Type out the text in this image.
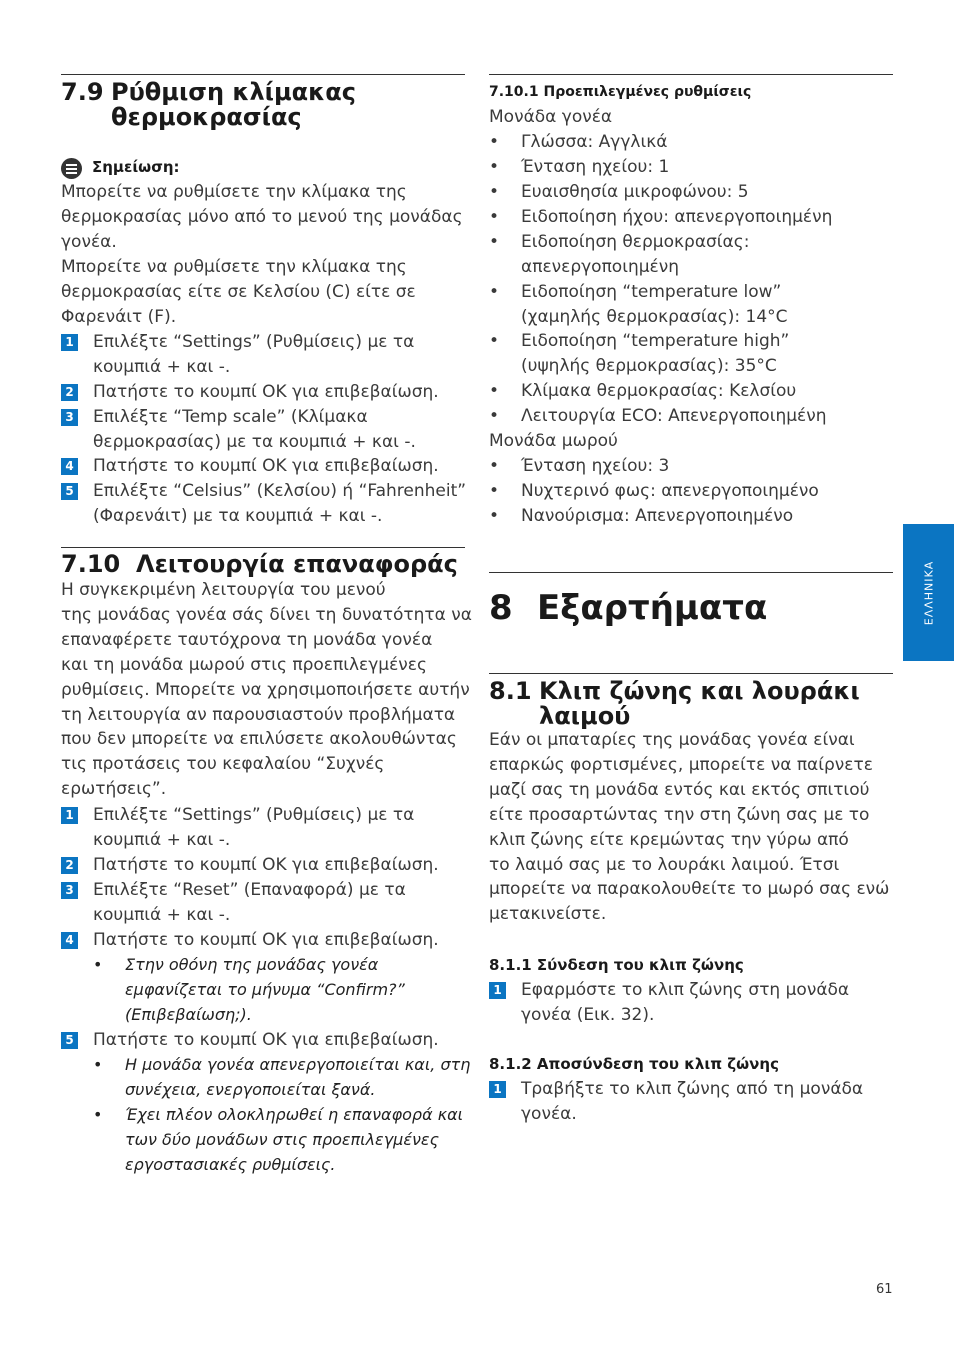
7.9 Ρύθμιση κλίμακας
θερμοκρασίας
Σημείωση:
Μπορείτε να ρυθμίσετε την κλίμακα της
θερμοκρασίας μόνο από το μενού της μονάδας
γονέα.
Μπορείτε να ρυθμίσετε την κλίμακα της
θερμοκρασίας είτε σε Κελσίου (C) είτε σε
Φαρενάιτ (F).
1	Επιλέξτε “Settings” (Ρυθμίσεις) με τα
κουμπιά + και -.
2	Πατήστε το κουμπί OK για επιβεβαίωση.
3	Επιλέξτε “Temp scale” (Κλίμακα
θερμοκρασίας) με τα κουμπιά + και -.
4	Πατήστε το κουμπί OK για επιβεβαίωση.
5	Επιλέξτε “Celsius” (Κελσίου) ή “Fahrenheit”
(Φαρενάιτ) με τα κουμπιά + και -.
7.10 Λειτουργία επαναφοράς
Η συγκεκριμένη λειτουργία του μενού
της μονάδας γονέα σάς δίνει τη δυνατότητα να
επαναφέρετε ταυτόχρονα τη μονάδα γονέα
και τη μονάδα μωρού στις προεπιλεγμένες
ρυθμίσεις. Μπορείτε να χρησιμοποιήσετε αυτήν
τη λειτουργία αν παρουσιαστούν προβλήματα
που δεν μπορείτε να επιλύσετε ακολουθώντας
τις προτάσεις του κεφαλαίου “Συχνές
ερωτήσεις”.
1	Επιλέξτε “Settings” (Ρυθμίσεις) με τα
κουμπιά + και -.
2	Πατήστε το κουμπί OK για επιβεβαίωση.
3	Επιλέξτε “Reset” (Επαναφορά) με τα
κουμπιά + και -.
4	Πατήστε το κουμπί OK για επιβεβαίωση.
•	Στην οθόνη της μονάδας γονέα
εμφανίζεται το μήνυμα “Confirm?”
(Επιβεβαίωση;).
5	Πατήστε το κουμπί OK για επιβεβαίωση.
•	Η μονάδα γονέα απενεργοποιείται και, στη
συνέχεια, ενεργοποιείται ξανά.
•	Έχει πλέον ολοκληρωθεί η επαναφορά και
των δύο μονάδων στις προεπιλεγμένες
εργοστασιακές ρυθμίσεις.
7.10.1 Προεπιλεγμένες ρυθμίσεις
Μονάδα γονέα
•	Γλώσσα: Αγγλικά
•	Ένταση ηχείου: 1
•	Ευαισθησία μικροφώνου: 5
•	Ειδοποίηση ήχου: απενεργοποιημένη
•	Ειδοποίηση θερμοκρασίας:
απενεργοποιημένη
•	Ειδοποίηση “temperature low”
(χαμηλής θερμοκρασίας): 14°C
•	Ειδοποίηση “temperature high”
(υψηλής θερμοκρασίας): 35°C
•	Κλίμακα θερμοκρασίας: Κελσίου
•	Λειτουργία ECO: Απενεργοποιημένη
Μονάδα μωρού
•	Ένταση ηχείου: 3
•	Νυχτερινό φως: απενεργοποιημένο
•	Νανούρισμα: Απενεργοποιημένο
8 Εξαρτήματα
8.1 Κλιπ ζώνης και λουράκι
λαιμού
Εάν οι μπαταρίες της μονάδας γονέα είναι
επαρκώς φορτισμένες, μπορείτε να παίρνετε
μαζί σας τη μονάδα εντός και εκτός σπιτιού
είτε προσαρτώντας την στη ζώνη σας με το
κλιπ ζώνης είτε κρεμώντας την γύρω από
το λαιμό σας με το λουράκι λαιμού. Έτσι
μπορείτε να παρακολουθείτε το μωρό σας ενώ
μετακινείστε.
8.1.1 Σύνδεση του κλιπ ζώνης
1	Εφαρμόστε το κλιπ ζώνης στη μονάδα
γονέα (Εικ. 32).
8.1.2 Αποσύνδεση του κλιπ ζώνης
1	Τραβήξτε το κλιπ ζώνης από τη μονάδα
γονέα.
ΕΛΛΗΝΙΚΑ
61
